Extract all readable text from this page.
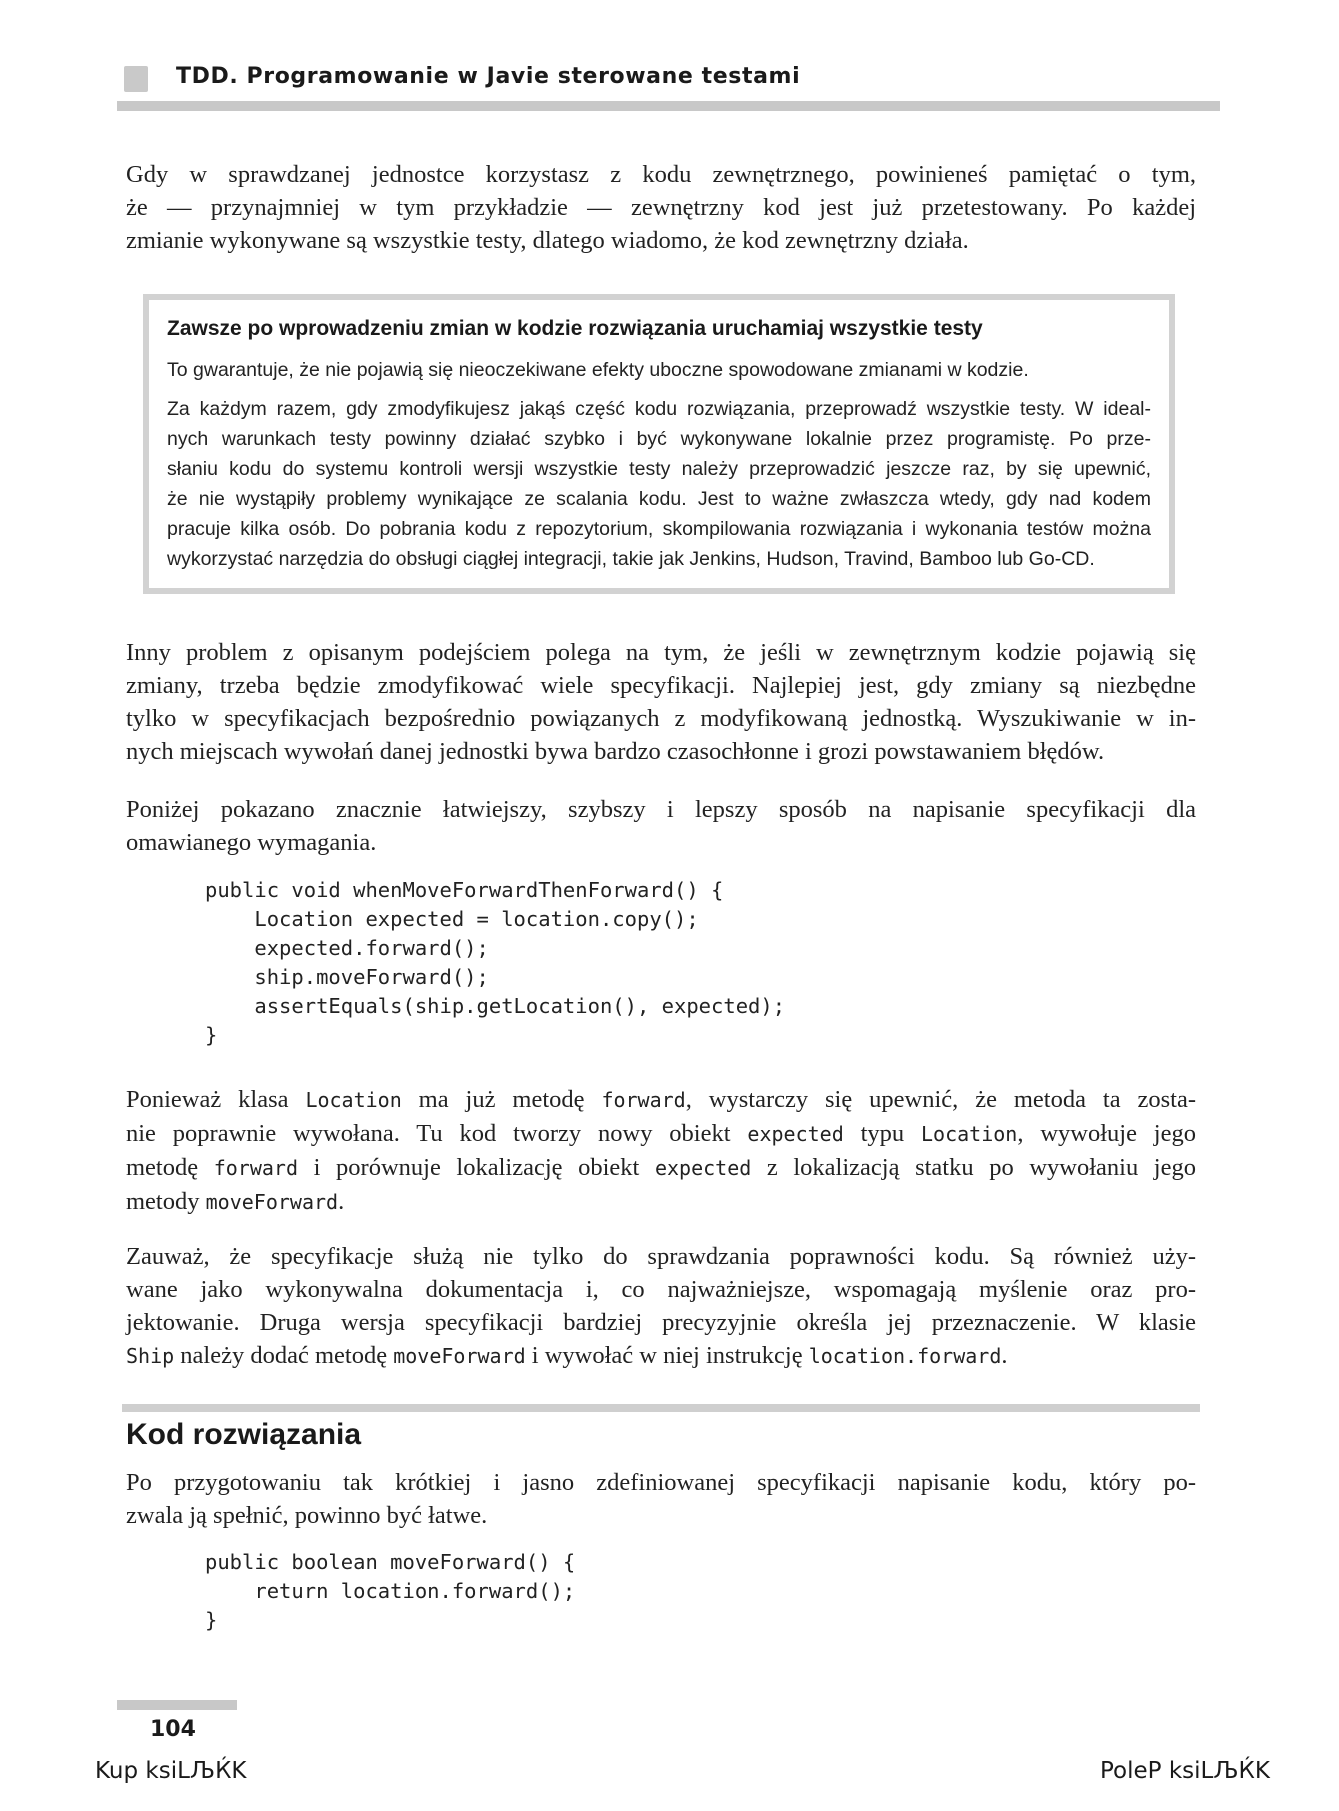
TDD. Programowanie w Javie sterowane testami
Gdy w sprawdzanej jednostce korzystasz z kodu zewnętrznego, powinieneś pamiętać o tym,
że — przynajmniej w tym przykładzie — zewnętrzny kod jest już przetestowany. Po każdej
zmianie wykonywane są wszystkie testy, dlatego wiadomo, że kod zewnętrzny działa.
Zawsze po wprowadzeniu zmian w kodzie rozwiązania uruchamiaj wszystkie testy
To gwarantuje, że nie pojawią się nieoczekiwane efekty uboczne spowodowane zmianami w kodzie.
Za każdym razem, gdy zmodyfikujesz jakąś część kodu rozwiązania, przeprowadź wszystkie testy. W ideal-
nych warunkach testy powinny działać szybko i być wykonywane lokalnie przez programistę. Po prze-
słaniu kodu do systemu kontroli wersji wszystkie testy należy przeprowadzić jeszcze raz, by się upewnić,
że nie wystąpiły problemy wynikające ze scalania kodu. Jest to ważne zwłaszcza wtedy, gdy nad kodem
pracuje kilka osób. Do pobrania kodu z repozytorium, skompilowania rozwiązania i wykonania testów można
wykorzystać narzędzia do obsługi ciągłej integracji, takie jak Jenkins, Hudson, Travind, Bamboo lub Go-CD.
Inny problem z opisanym podejściem polega na tym, że jeśli w zewnętrznym kodzie pojawią się
zmiany, trzeba będzie zmodyfikować wiele specyfikacji. Najlepiej jest, gdy zmiany są niezbędne
tylko w specyfikacjach bezpośrednio powiązanych z modyfikowaną jednostką. Wyszukiwanie w in-
nych miejscach wywołań danej jednostki bywa bardzo czasochłonne i grozi powstawaniem błędów.
Poniżej pokazano znacznie łatwiejszy, szybszy i lepszy sposób na napisanie specyfikacji dla
omawianego wymagania.
public void whenMoveForwardThenForward() {
Location expected = location.copy();
expected.forward();
ship.moveForward();
assertEquals(ship.getLocation(), expected);
}
Ponieważ klasa Location ma już metodę forward, wystarczy się upewnić, że metoda ta zosta-
nie poprawnie wywołana. Tu kod tworzy nowy obiekt expected typu Location, wywołuje jego
metodę forward i porównuje lokalizację obiekt expected z lokalizacją statku po wywołaniu jego
metody moveForward.
Zauważ, że specyfikacje służą nie tylko do sprawdzania poprawności kodu. Są również uży-
wane jako wykonywalna dokumentacja i, co najważniejsze, wspomagają myślenie oraz pro-
jektowanie. Druga wersja specyfikacji bardziej precyzyjnie określa jej przeznaczenie. W klasie
Ship należy dodać metodę moveForward i wywołać w niej instrukcję location.forward.
Kod rozwiązania
Po przygotowaniu tak krótkiej i jasno zdefiniowanej specyfikacji napisanie kodu, który po-
zwala ją spełnić, powinno być łatwe.
public boolean moveForward() {
return location.forward();
}
104
Kup ksiLЉЌK	PoleP ksiLЉЌK
